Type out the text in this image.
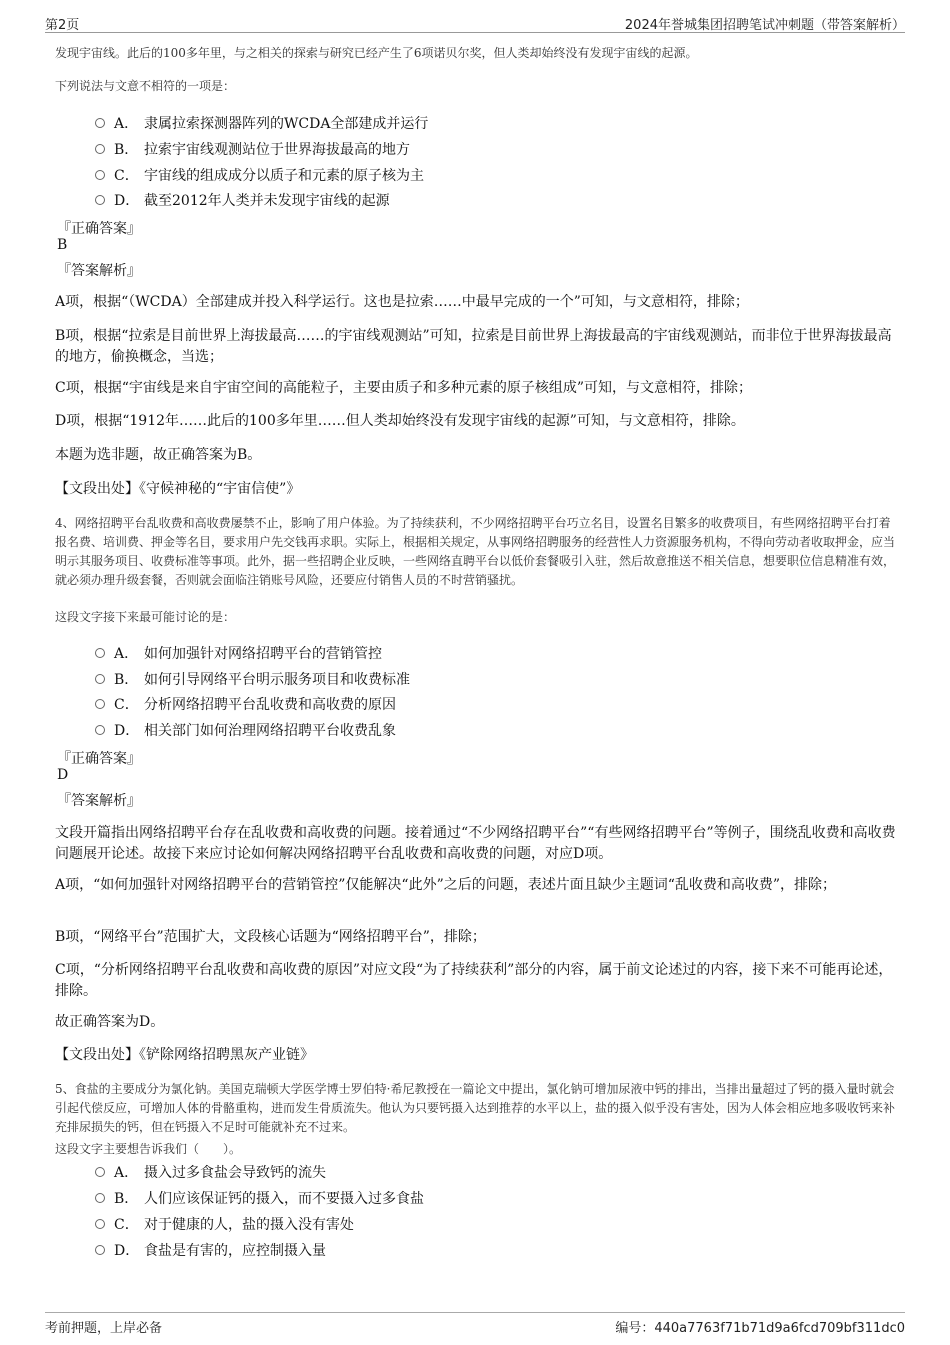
第2页	2024年誉城集团招聘笔试冲刺题（带答案解析）

发现宇宙线。此后的100多年里，与之相关的探索与研究已经产生了6项诺贝尔奖，但人类却始终没有发现宇宙线的起源。

下列说法与文意不相符的一项是：

A． 隶属拉索探测器阵列的WCDA全部建成并运行
B． 拉索宇宙线观测站位于世界海拔最高的地方
C． 宇宙线的组成成分以质子和元素的原子核为主
D． 截至2012年人类并未发现宇宙线的起源
『正确答案』
B
『答案解析』

A项，根据“（WCDA）全部建成并投入科学运行。这也是拉索……中最早完成的一个”可知，与文意相符，排除；

B项，根据“拉索是目前世界上海拔最高……的宇宙线观测站”可知，拉索是目前世界上海拔最高的宇宙线观测站，而非位于世界海拔最高的地方，偷换概念，当选；

C项，根据“宇宙线是来自宇宙空间的高能粒子，主要由质子和多种元素的原子核组成”可知，与文意相符，排除；

D项，根据“1912年……此后的100多年里……但人类却始终没有发现宇宙线的起源”可知，与文意相符，排除。

本题为选非题，故正确答案为B。

【文段出处】《守候神秘的“宇宙信使”》

4、网络招聘平台乱收费和高收费屡禁不止，影响了用户体验。为了持续获利，不少网络招聘平台巧立名目，设置名目繁多的收费项目，有些网络招聘平台打着报名费、培训费、押金等名目，要求用户先交钱再求职。实际上，根据相关规定，从事网络招聘服务的经营性人力资源服务机构，不得向劳动者收取押金，应当明示其服务项目、收费标准等事项。此外，据一些招聘企业反映，一些网络直聘平台以低价套餐吸引入驻，然后故意推送不相关信息，想要职位信息精准有效，就必须办理升级套餐，否则就会面临注销账号风险，还要应付销售人员的不时营销骚扰。

这段文字接下来最可能讨论的是：

A． 如何加强针对网络招聘平台的营销管控
B． 如何引导网络平台明示服务项目和收费标准
C． 分析网络招聘平台乱收费和高收费的原因
D． 相关部门如何治理网络招聘平台收费乱象
『正确答案』
D
『答案解析』

文段开篇指出网络招聘平台存在乱收费和高收费的问题。接着通过“不少网络招聘平台”“有些网络招聘平台”等例子，围绕乱收费和高收费问题展开论述。故接下来应讨论如何解决网络招聘平台乱收费和高收费的问题，对应D项。

A项，“如何加强针对网络招聘平台的营销管控”仅能解决“此外”之后的问题，表述片面且缺少主题词“乱收费和高收费”，排除；

B项，“网络平台”范围扩大，文段核心话题为“网络招聘平台”，排除；

C项，“分析网络招聘平台乱收费和高收费的原因”对应文段“为了持续获利”部分的内容，属于前文论述过的内容，接下来不可能再论述，排除。

故正确答案为D。

【文段出处】《铲除网络招聘黑灰产业链》

5、食盐的主要成分为氯化钠。美国克瑞顿大学医学博士罗伯特·希尼教授在一篇论文中提出，氯化钠可增加尿液中钙的排出，当排出量超过了钙的摄入量时就会引起代偿反应，可增加人体的骨骼重构，进而发生骨质流失。他认为只要钙摄入达到推荐的水平以上，盐的摄入似乎没有害处，因为人体会相应地多吸收钙来补充排尿损失的钙，但在钙摄入不足时可能就补充不过来。

这段文字主要想告诉我们（　　）。

A． 摄入过多食盐会导致钙的流失
B． 人们应该保证钙的摄入，而不要摄入过多食盐
C． 对于健康的人，盐的摄入没有害处
D． 食盐是有害的，应控制摄入量
考前押题，上岸必备	编号：440a7763f71b71d9a6fcd709bf311dc0
